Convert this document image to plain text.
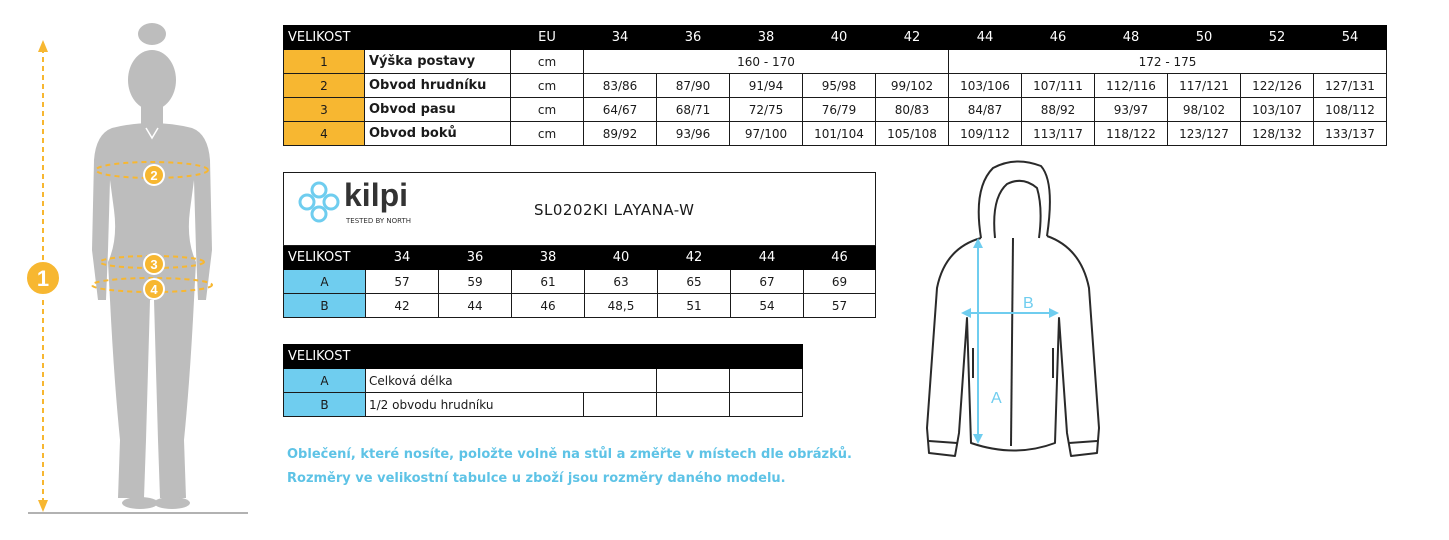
1
2
3
4
VELIKOST		EU	34	36	38	40	42	44	46	48	50	52	54
1	Výška postavy	cm	160 - 170					172 - 175					
2	Obvod hrudníku	cm	83/86	87/90	91/94	95/98	99/102	103/106	107/111	112/116	117/121	122/126	127/131
3	Obvod pasu	cm	64/67	68/71	72/75	76/79	80/83	84/87	88/92	93/97	98/102	103/107	108/112
4	Obvod boků	cm	89/92	93/96	97/100	101/104	105/108	109/112	113/117	118/122	123/127	128/132	133/137
kilpi
TESTED BY NORTH
SL0202KI LAYANA-W							

VELIKOST	34	36	38	40	42	44	46
A	57	59	61	63	65	67	69
B	42	44	46	48,5	51	54	57
VELIKOST				
A	Celková délka			
B	1/2 obvodu hrudníku			
Oblečení, které nosíte, položte volně na stůl a změřte v místech dle obrázků.
Rozměry ve velikostní tabulce u zboží jsou rozměry daného modelu.
A
B
